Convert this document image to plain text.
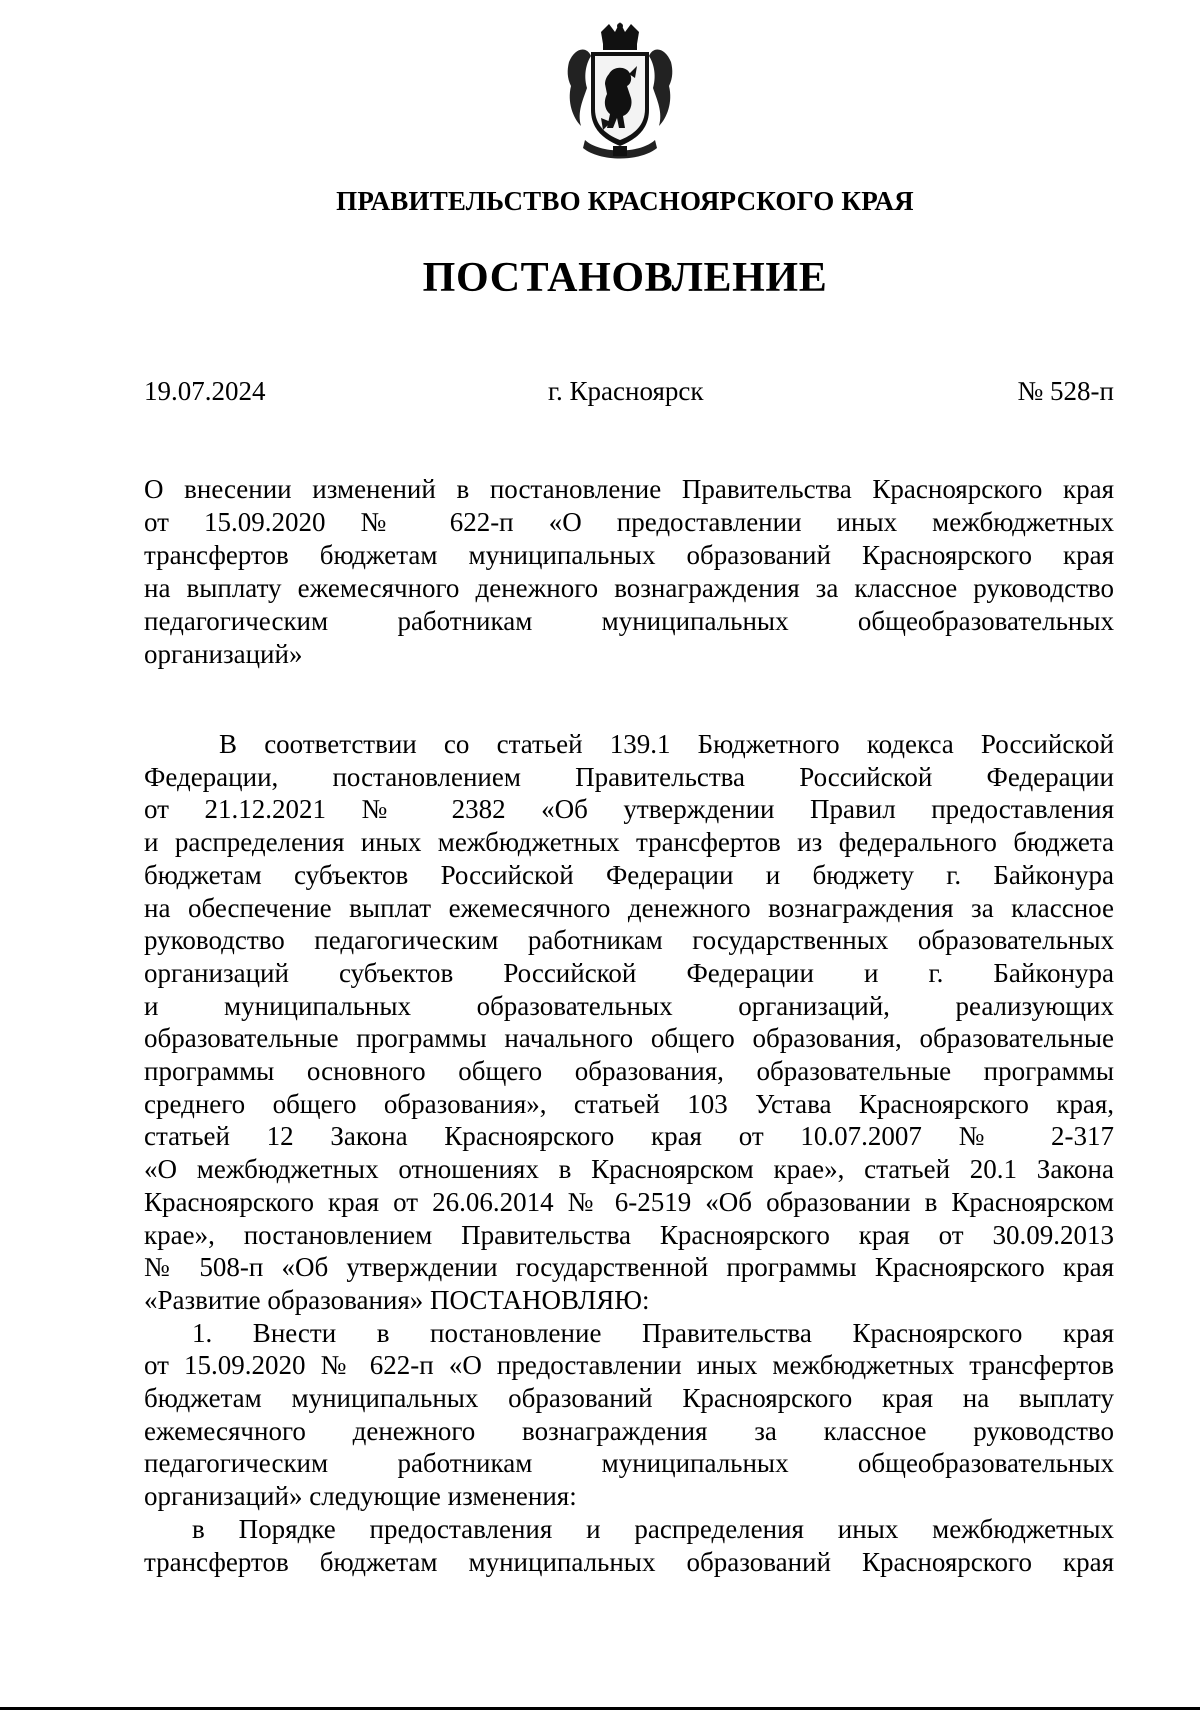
ПРАВИТЕЛЬСТВО КРАСНОЯРСКОГО КРАЯ
ПОСТАНОВЛЕНИЕ
19.07.2024	г. Красноярск	№ 528-п
О внесении изменений в постановление Правительства Красноярского края
от 15.09.2020 № 622-п «О предоставлении иных межбюджетных
трансфертов бюджетам муниципальных образований Красноярского края
на выплату ежемесячного денежного вознаграждения за классное руководство
педагогическим работникам муниципальных общеобразовательных
организаций»
В соответствии со статьей 139.1 Бюджетного кодекса Российской
Федерации, постановлением Правительства Российской Федерации
от 21.12.2021 № 2382 «Об утверждении Правил предоставления
и распределения иных межбюджетных трансфертов из федерального бюджета
бюджетам субъектов Российской Федерации и бюджету г. Байконура
на обеспечение выплат ежемесячного денежного вознаграждения за классное
руководство педагогическим работникам государственных образовательных
организаций субъектов Российской Федерации и г. Байконура
и муниципальных образовательных организаций, реализующих
образовательные программы начального общего образования, образовательные
программы основного общего образования, образовательные программы
среднего общего образования», статьей 103 Устава Красноярского края,
статьей 12 Закона Красноярского края от 10.07.2007 № 2-317
«О межбюджетных отношениях в Красноярском крае», статьей 20.1 Закона
Красноярского края от 26.06.2014 № 6-2519 «Об образовании в Красноярском
крае», постановлением Правительства Красноярского края от 30.09.2013
№ 508-п «Об утверждении государственной программы Красноярского края
«Развитие образования» ПОСТАНОВЛЯЮ:
1. Внести в постановление Правительства Красноярского края
от 15.09.2020 № 622-п «О предоставлении иных межбюджетных трансфертов
бюджетам муниципальных образований Красноярского края на выплату
ежемесячного денежного вознаграждения за классное руководство
педагогическим работникам муниципальных общеобразовательных
организаций» следующие изменения:
в Порядке предоставления и распределения иных межбюджетных
трансфертов бюджетам муниципальных образований Красноярского края
